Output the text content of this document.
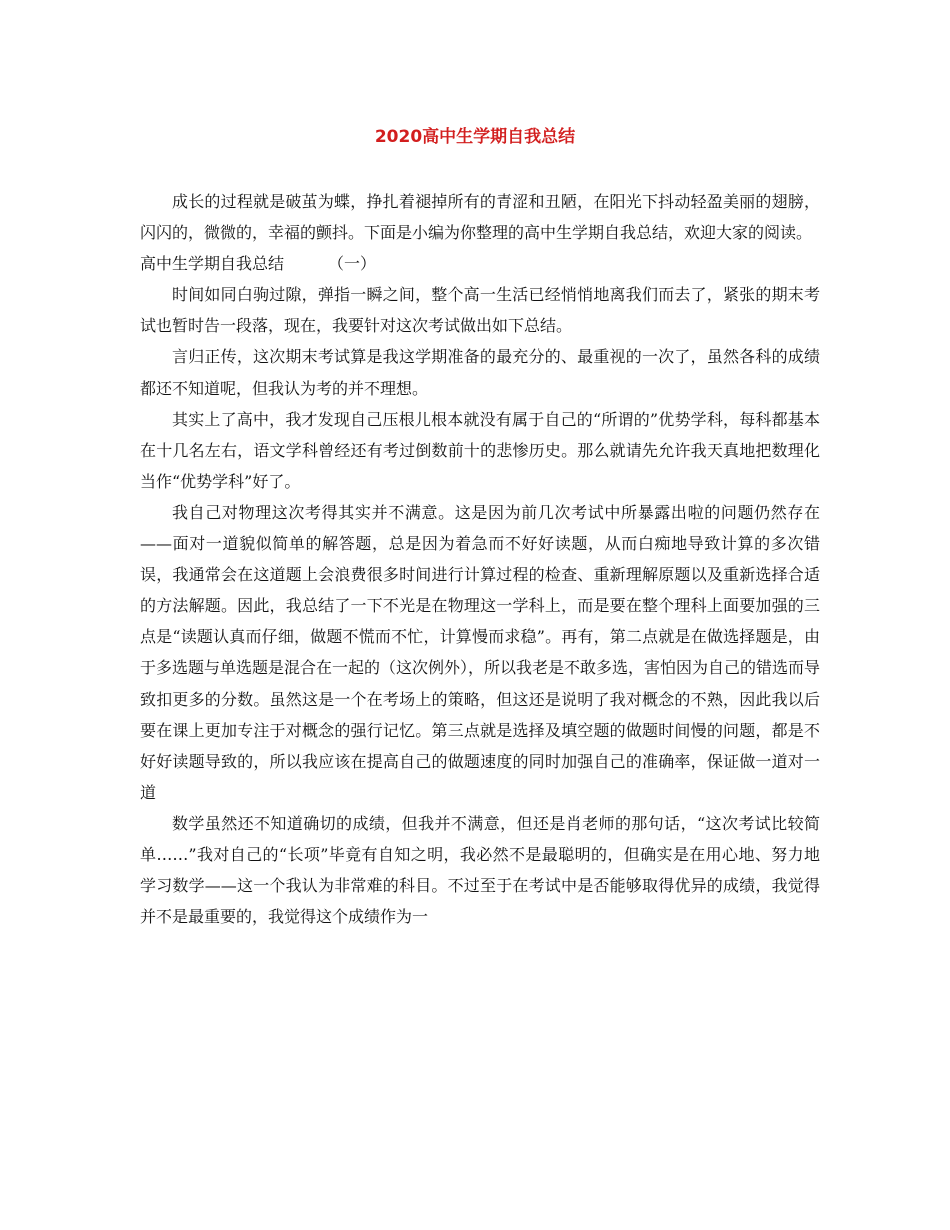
2020高中生学期自我总结

成长的过程就是破茧为蝶，挣扎着褪掉所有的青涩和丑陋，在阳光下抖动轻盈美丽的翅膀，闪闪的，微微的，幸福的颤抖。下面是小编为你整理的高中生学期自我总结，欢迎大家的阅读。

高中生学期自我总结	（一）

时间如同白驹过隙，弹指一瞬之间，整个高一生活已经悄悄地离我们而去了，紧张的期末考试也暂时告一段落，现在，我要针对这次考试做出如下总结。

言归正传，这次期末考试算是我这学期准备的最充分的、最重视的一次了，虽然各科的成绩都还不知道呢，但我认为考的并不理想。

其实上了高中，我才发现自己压根儿根本就没有属于自己的“所谓的”优势学科，每科都基本在十几名左右，语文学科曾经还有考过倒数前十的悲惨历史。那么就请先允许我天真地把数理化当作“优势学科”好了。

我自己对物理这次考得其实并不满意。这是因为前几次考试中所暴露出啦的问题仍然存在——面对一道貌似简单的解答题，总是因为着急而不好好读题，从而白痴地导致计算的多次错误，我通常会在这道题上会浪费很多时间进行计算过程的检查、重新理解原题以及重新选择合适的方法解题。因此，我总结了一下不光是在物理这一学科上，而是要在整个理科上面要加强的三点是“读题认真而仔细，做题不慌而不忙，计算慢而求稳”。再有，第二点就是在做选择题是，由于多选题与单选题是混合在一起的（这次例外），所以我老是不敢多选，害怕因为自己的错选而导致扣更多的分数。虽然这是一个在考场上的策略，但这还是说明了我对概念的不熟，因此我以后要在课上更加专注于对概念的强行记忆。第三点就是选择及填空题的做题时间慢的问题，都是不好好读题导致的，所以我应该在提高自己的做题速度的同时加强自己的准确率，保证做一道对一道

数学虽然还不知道确切的成绩，但我并不满意，但还是肖老师的那句话，“这次考试比较简单……”我对自己的“长项”毕竟有自知之明，我必然不是最聪明的，但确实是在用心地、努力地学习数学——这一个我认为非常难的科目。不过至于在考试中是否能够取得优异的成绩，我觉得并不是最重要的，我觉得这个成绩作为一
